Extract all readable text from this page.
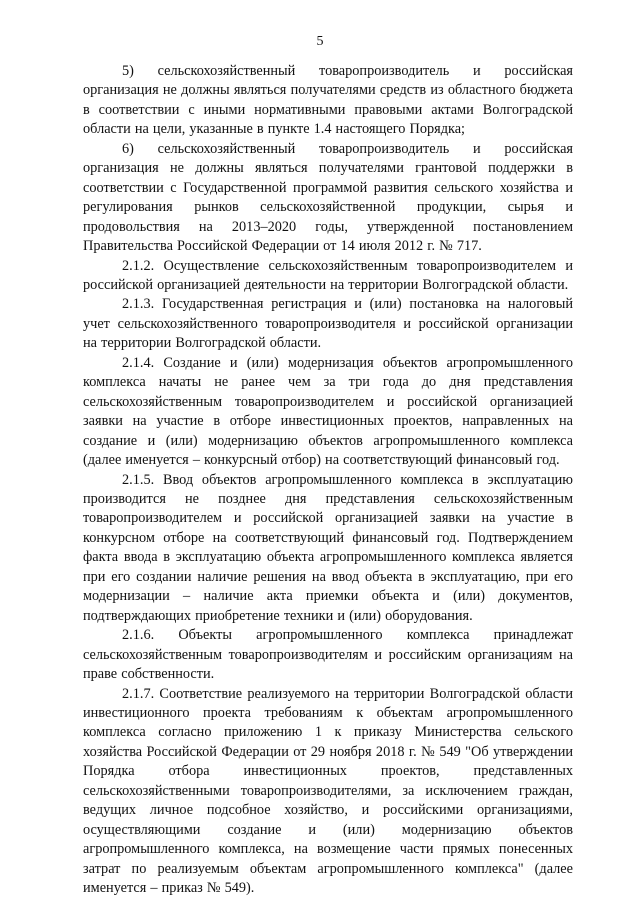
5

5) сельскохозяйственный товаропроизводитель и российская организация не должны являться получателями средств из областного бюджета в соответствии с иными нормативными правовыми актами Волгоградской области на цели, указанные в пункте 1.4 настоящего Порядка;

6) сельскохозяйственный товаропроизводитель и российская организация не должны являться получателями грантовой поддержки в соответствии с Государственной программой развития сельского хозяйства и регулирования рынков сельскохозяйственной продукции, сырья и продовольствия на 2013–2020 годы, утвержденной постановлением Правительства Российской Федерации от 14 июля 2012 г. № 717.

2.1.2. Осуществление сельскохозяйственным товаропроизводителем и российской организацией деятельности на территории Волгоградской области.

2.1.3. Государственная регистрация и (или) постановка на налоговый учет сельскохозяйственного товаропроизводителя и российской организации на территории Волгоградской области.

2.1.4. Создание и (или) модернизация объектов агропромышленного комплекса начаты не ранее чем за три года до дня представления сельскохозяйственным товаропроизводителем и российской организацией заявки на участие в отборе инвестиционных проектов, направленных на создание и (или) модернизацию объектов агропромышленного комплекса (далее именуется – конкурсный отбор) на соответствующий финансовый год.

2.1.5. Ввод объектов агропромышленного комплекса в эксплуатацию производится не позднее дня представления сельскохозяйственным товаропроизводителем и российской организацией заявки на участие в конкурсном отборе на соответствующий финансовый год. Подтверждением факта ввода в эксплуатацию объекта агропромышленного комплекса является при его создании наличие решения на ввод объекта в эксплуатацию, при его модернизации – наличие акта приемки объекта и (или) документов, подтверждающих приобретение техники и (или) оборудования.

2.1.6. Объекты агропромышленного комплекса принадлежат сельскохозяйственным товаропроизводителям и российским организациям на праве собственности.

2.1.7. Соответствие реализуемого на территории Волгоградской области инвестиционного проекта требованиям к объектам агропромышленного комплекса согласно приложению 1 к приказу Министерства сельского хозяйства Российской Федерации от 29 ноября 2018 г. № 549 "Об утверждении Порядка отбора инвестиционных проектов, представленных сельскохозяйственными товаропроизводителями, за исключением граждан, ведущих личное подсобное хозяйство, и российскими организациями, осуществляющими создание и (или) модернизацию объектов агропромышленного комплекса, на возмещение части прямых понесенных затрат по реализуемым объектам агропромышленного комплекса" (далее именуется – приказ № 549).
